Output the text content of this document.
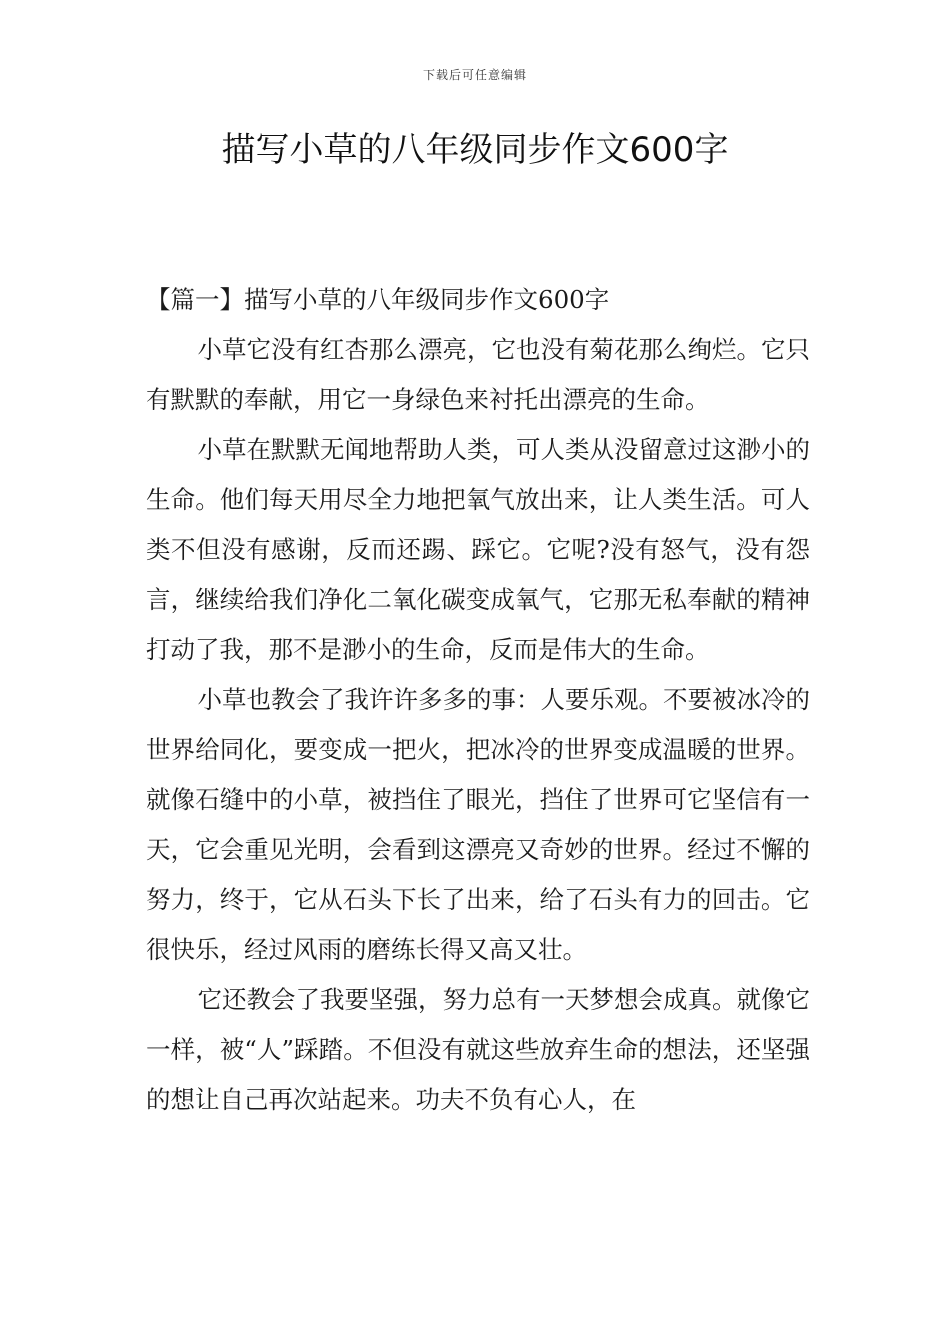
下载后可任意编辑
描写小草的八年级同步作文600字
【篇一】描写小草的八年级同步作文600字

小草它没有红杏那么漂亮，它也没有菊花那么绚烂。它只有默默的奉献，用它一身绿色来衬托出漂亮的生命。

小草在默默无闻地帮助人类，可人类从没留意过这渺小的生命。他们每天用尽全力地把氧气放出来，让人类生活。可人类不但没有感谢，反而还踢、踩它。它呢?没有怒气，没有怨言，继续给我们净化二氧化碳变成氧气，它那无私奉献的精神打动了我，那不是渺小的生命，反而是伟大的生命。

小草也教会了我许许多多的事：人要乐观。不要被冰冷的世界给同化，要变成一把火，把冰冷的世界变成温暖的世界。就像石缝中的小草，被挡住了眼光，挡住了世界可它坚信有一天，它会重见光明，会看到这漂亮又奇妙的世界。经过不懈的努力，终于，它从石头下长了出来，给了石头有力的回击。它很快乐，经过风雨的磨练长得又高又壮。

它还教会了我要坚强，努力总有一天梦想会成真。就像它一样，被“人”踩踏。不但没有就这些放弃生命的想法，还坚强的想让自己再次站起来。功夫不负有心人，在
